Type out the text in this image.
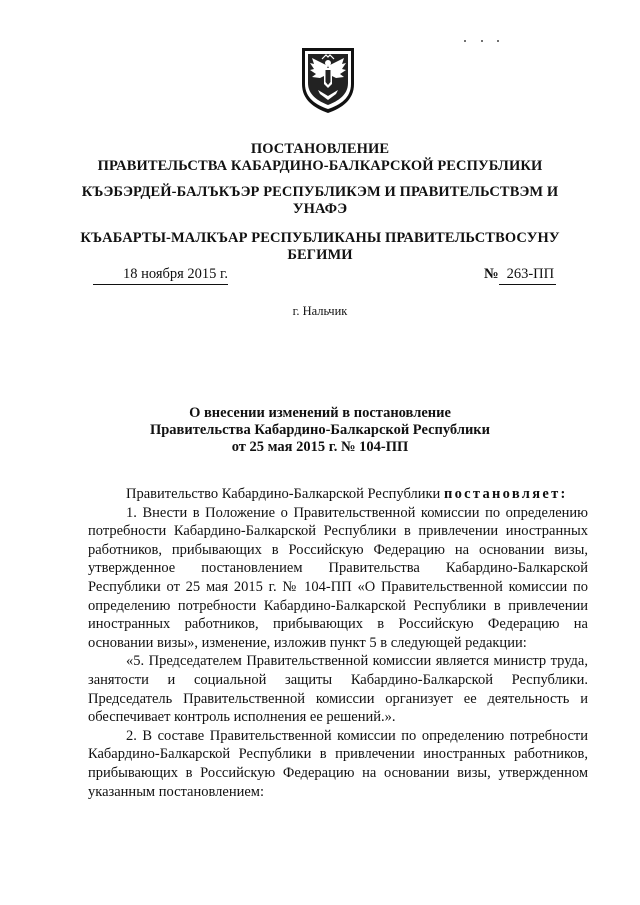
ПОСТАНОВЛЕНИЕ
ПРАВИТЕЛЬСТВА КАБАРДИНО-БАЛКАРСКОЙ РЕСПУБЛИКИ
КЪЭБЭРДЕЙ-БАЛЪКЪЭР РЕСПУБЛИКЭМ И ПРАВИТЕЛЬСТВЭМ И
УНАФЭ
КЪАБАРТЫ-МАЛКЪАР РЕСПУБЛИКАНЫ ПРАВИТЕЛЬСТВОСУНУ
БЕГИМИ
18 ноября 2015 г.	№ 263-ПП
г. Нальчик
О внесении изменений в постановление
Правительства Кабардино-Балкарской Республики
от 25 мая 2015 г. № 104-ПП

Правительство Кабардино-Балкарской Республики постановляет:

1. Внести в Положение о Правительственной комиссии по определению потребности Кабардино-Балкарской Республики в привлечении иностранных работников, прибывающих в Российскую Федерацию на основании визы, утвержденное постановлением Правительства Кабардино-Балкарской Республики от 25 мая 2015 г. № 104-ПП «О Правительственной комиссии по определению потребности Кабардино-Балкарской Республики в привлечении иностранных работников, прибывающих в Российскую Федерацию на основании визы», изменение, изложив пункт 5 в следующей редакции:

«5. Председателем Правительственной комиссии является министр труда, занятости и социальной защиты Кабардино-Балкарской Республики. Председатель Правительственной комиссии организует ее деятельность и обеспечивает контроль исполнения ее решений.».

2. В составе Правительственной комиссии по определению потребности Кабардино-Балкарской Республики в привлечении иностранных работников, прибывающих в Российскую Федерацию на основании визы, утвержденном указанным постановлением:
